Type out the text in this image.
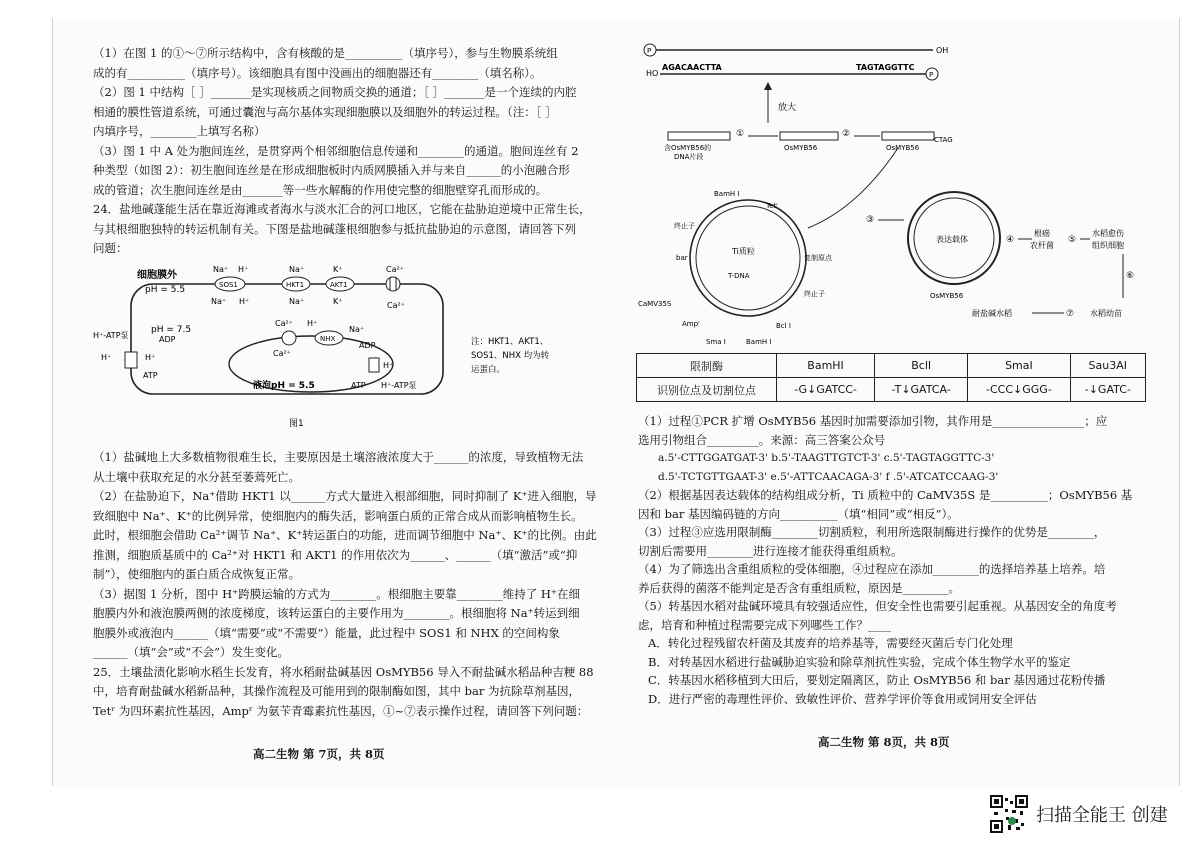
（1）在图 1 的①～⑦所示结构中，含有核酸的是__________（填序号），参与生物膜系统组
成的有__________（填序号）。该细胞具有图中没画出的细胞器还有________（填名称）。
（2）图 1 中结构［ ］_______是实现核质之间物质交换的通道；［ ］_______是一个连续的内腔
相通的膜性管道系统，可通过囊泡与高尔基体实现细胞膜以及细胞外的转运过程。（注：［ ］
内填序号，________上填写名称）
（3）图 1 中 A 处为胞间连丝，是贯穿两个相邻细胞信息传递和________的通道。胞间连丝有 2
种类型（如图 2）：初生胞间连丝是在形成细胞板时内质网膜插入并与来自______的小泡融合形
成的管道；次生胞间连丝是由_______等一些水解酶的作用使完整的细胞壁穿孔而形成的。
24．盐地碱蓬能生活在靠近海滩或者海水与淡水汇合的河口地区，它能在盐胁迫逆境中正常生长，
与其根细胞独特的转运机制有关。下图是盐地碱蓬根细胞参与抵抗盐胁迫的示意图，请回答下列
问题：
细胞膜外
pH = 5.5
pH = 7.5
液泡pH = 5.5
SOS1	HKT1	AKT1
Na⁺ H⁺	Na⁺	K⁺	Ca²⁺
Na⁺ H⁺	Na⁺	K⁺	Ca²⁺
NHX
Ca²⁺
Ca²⁺
H⁺
Na⁺
ADP
ATP H⁺-ATP泵
H⁺
H⁺-ATP泵	ADP
H⁺	H⁺
ATP
注：HKT1、AKT1、
SOS1、NHX 均为转
运蛋白。
图1
（1）盐碱地上大多数植物很难生长，主要原因是土壤溶液浓度大于______的浓度，导致植物无法
从土壤中获取充足的水分甚至萎蔫死亡。
（2）在盐胁迫下，Na⁺借助 HKT1 以______方式大量进入根部细胞，同时抑制了 K⁺进入细胞，导
致细胞中 Na⁺、K⁺的比例异常，使细胞内的酶失活，影响蛋白质的正常合成从而影响植物生长。
此时，根细胞会借助 Ca²⁺调节 Na⁺、K⁺转运蛋白的功能，进而调节细胞中 Na⁺、K⁺的比例。由此
推测，细胞质基质中的 Ca²⁺对 HKT1 和 AKT1 的作用依次为______、______（填“激活”或“抑
制”），使细胞内的蛋白质合成恢复正常。
（3）据图 1 分析，图中 H⁺跨膜运输的方式为________。根细胞主要靠________维持了 H⁺在细
胞膜内外和液泡膜两侧的浓度梯度，该转运蛋白的主要作用为________。根细胞将 Na⁺转运到细
胞膜外或液泡内______（填“需要”或“不需要”）能量，此过程中 SOS1 和 NHX 的空间构象
______（填“会”或“不会”）发生变化。
25．土壤盐渍化影响水稻生长发育，将水稻耐盐碱基因 OsMYB56 导入不耐盐碱水稻品种吉粳 88
中，培育耐盐碱水稻新品种，其操作流程及可能用到的限制酶如图，其中 bar 为抗除草剂基因，
Tetʳ 为四环素抗性基因，Ampʳ 为氨苄青霉素抗性基因，①~⑦表示操作过程，请回答下列问题：
高二生物 第 7页，共 8页
P	OH
HO
AGACAACTTA	TAGTAGGTTC
P
放大
①	②
CTAG
含OsMYB56的
DNA片段
OsMYB56	OsMYB56
Ti质粒
T-DNA
BamH Ⅰ
Tetʳ
终止子
复制原点
bar
CaMV35S
终止子
Ampʳ	Bcl Ⅰ
Sma Ⅰ	BamH Ⅰ
③
表达载体
OsMYB56
④
根癌
农杆菌
⑤
水稻愈伤
组织细胞
⑥
水稻幼苗
⑦
耐盐碱水稻
限制酶	BamHI	BclI	SmaI	Sau3AI
识别位点及切割位点	-G↓GATCC-	-T↓GATCA-	-CCC↓GGG-	-↓GATC-
（1）过程①PCR 扩增 OsMYB56 基因时加需要添加引物，其作用是________________；应
选用引物组合_________。来源：高三答案公众号
a.5'-CTTGGATGAT-3' b.5'-TAAGTTGTCT-3' c.5'-TAGTAGGTTC-3'
d.5'-TCTGTTGAAT-3' e.5'-ATTCAACAGA-3' f .5'-ATCATCCAAG-3'
（2）根据基因表达载体的结构组成分析，Ti 质粒中的 CaMV35S 是__________；OsMYB56 基
因和 bar 基因编码链的方向__________（填“相同”或“相反”）。
（3）过程③应选用限制酶________切割质粒，利用所选限制酶进行操作的优势是________，
切割后需要用________进行连接才能获得重组质粒。
（4）为了筛选出含重组质粒的受体细胞，④过程应在添加________的选择培养基上培养。培
养后获得的菌落不能判定是否含有重组质粒，原因是________。
（5）转基因水稻对盐碱环境具有较强适应性，但安全性也需要引起重视。从基因安全的角度考
虑，培育和种植过程需要完成下列哪些工作？____
A．转化过程残留农杆菌及其废弃的培养基等，需要经灭菌后专门化处理
B．对转基因水稻进行盐碱胁迫实验和除草剂抗性实验，完成个体生物学水平的鉴定
C．转基因水稻移植到大田后，要划定隔离区，防止 OsMYB56 和 bar 基因通过花粉传播
D．进行严密的毒理性评价、致敏性评价、营养学评价等食用或饲用安全评估
高二生物 第 8页，共 8页
扫描全能王 创建
